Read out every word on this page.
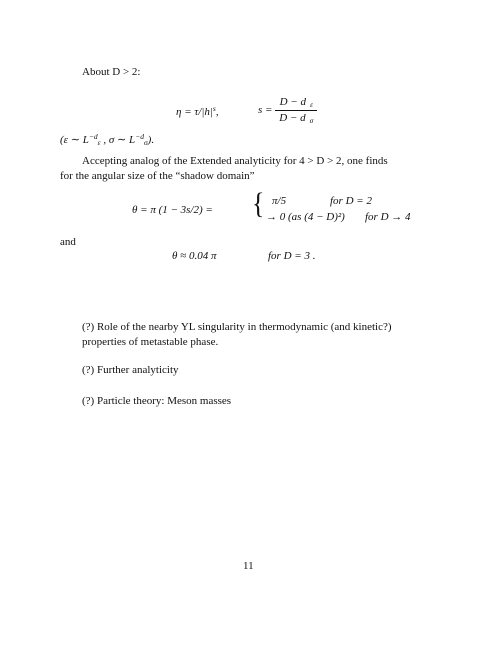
About D > 2:
$\eta = \tau/|h|^s$,	$s = \frac{D - d _\varepsilon}{D - d _\sigma}$
(ε ∼ $L^{-d}_\varepsilon$ , σ ∼ $L^{-d}_\sigma$).
Accepting analog of the Extended analyticity for 4 > D > 2, one finds
for the angular size of the “shadow domain”
θ = π (1 − 3s/2) = { π/5	for D = 2
→ 0 (as (4 − D)²) for D → 4
and
θ ≈ 0.04 π	for D = 3 .
(?) Role of the nearby YL singularity in thermodynamic (and kinetic?)
properties of metastable phase.
(?) Further analyticity
(?) Particle theory: Meson masses
11
